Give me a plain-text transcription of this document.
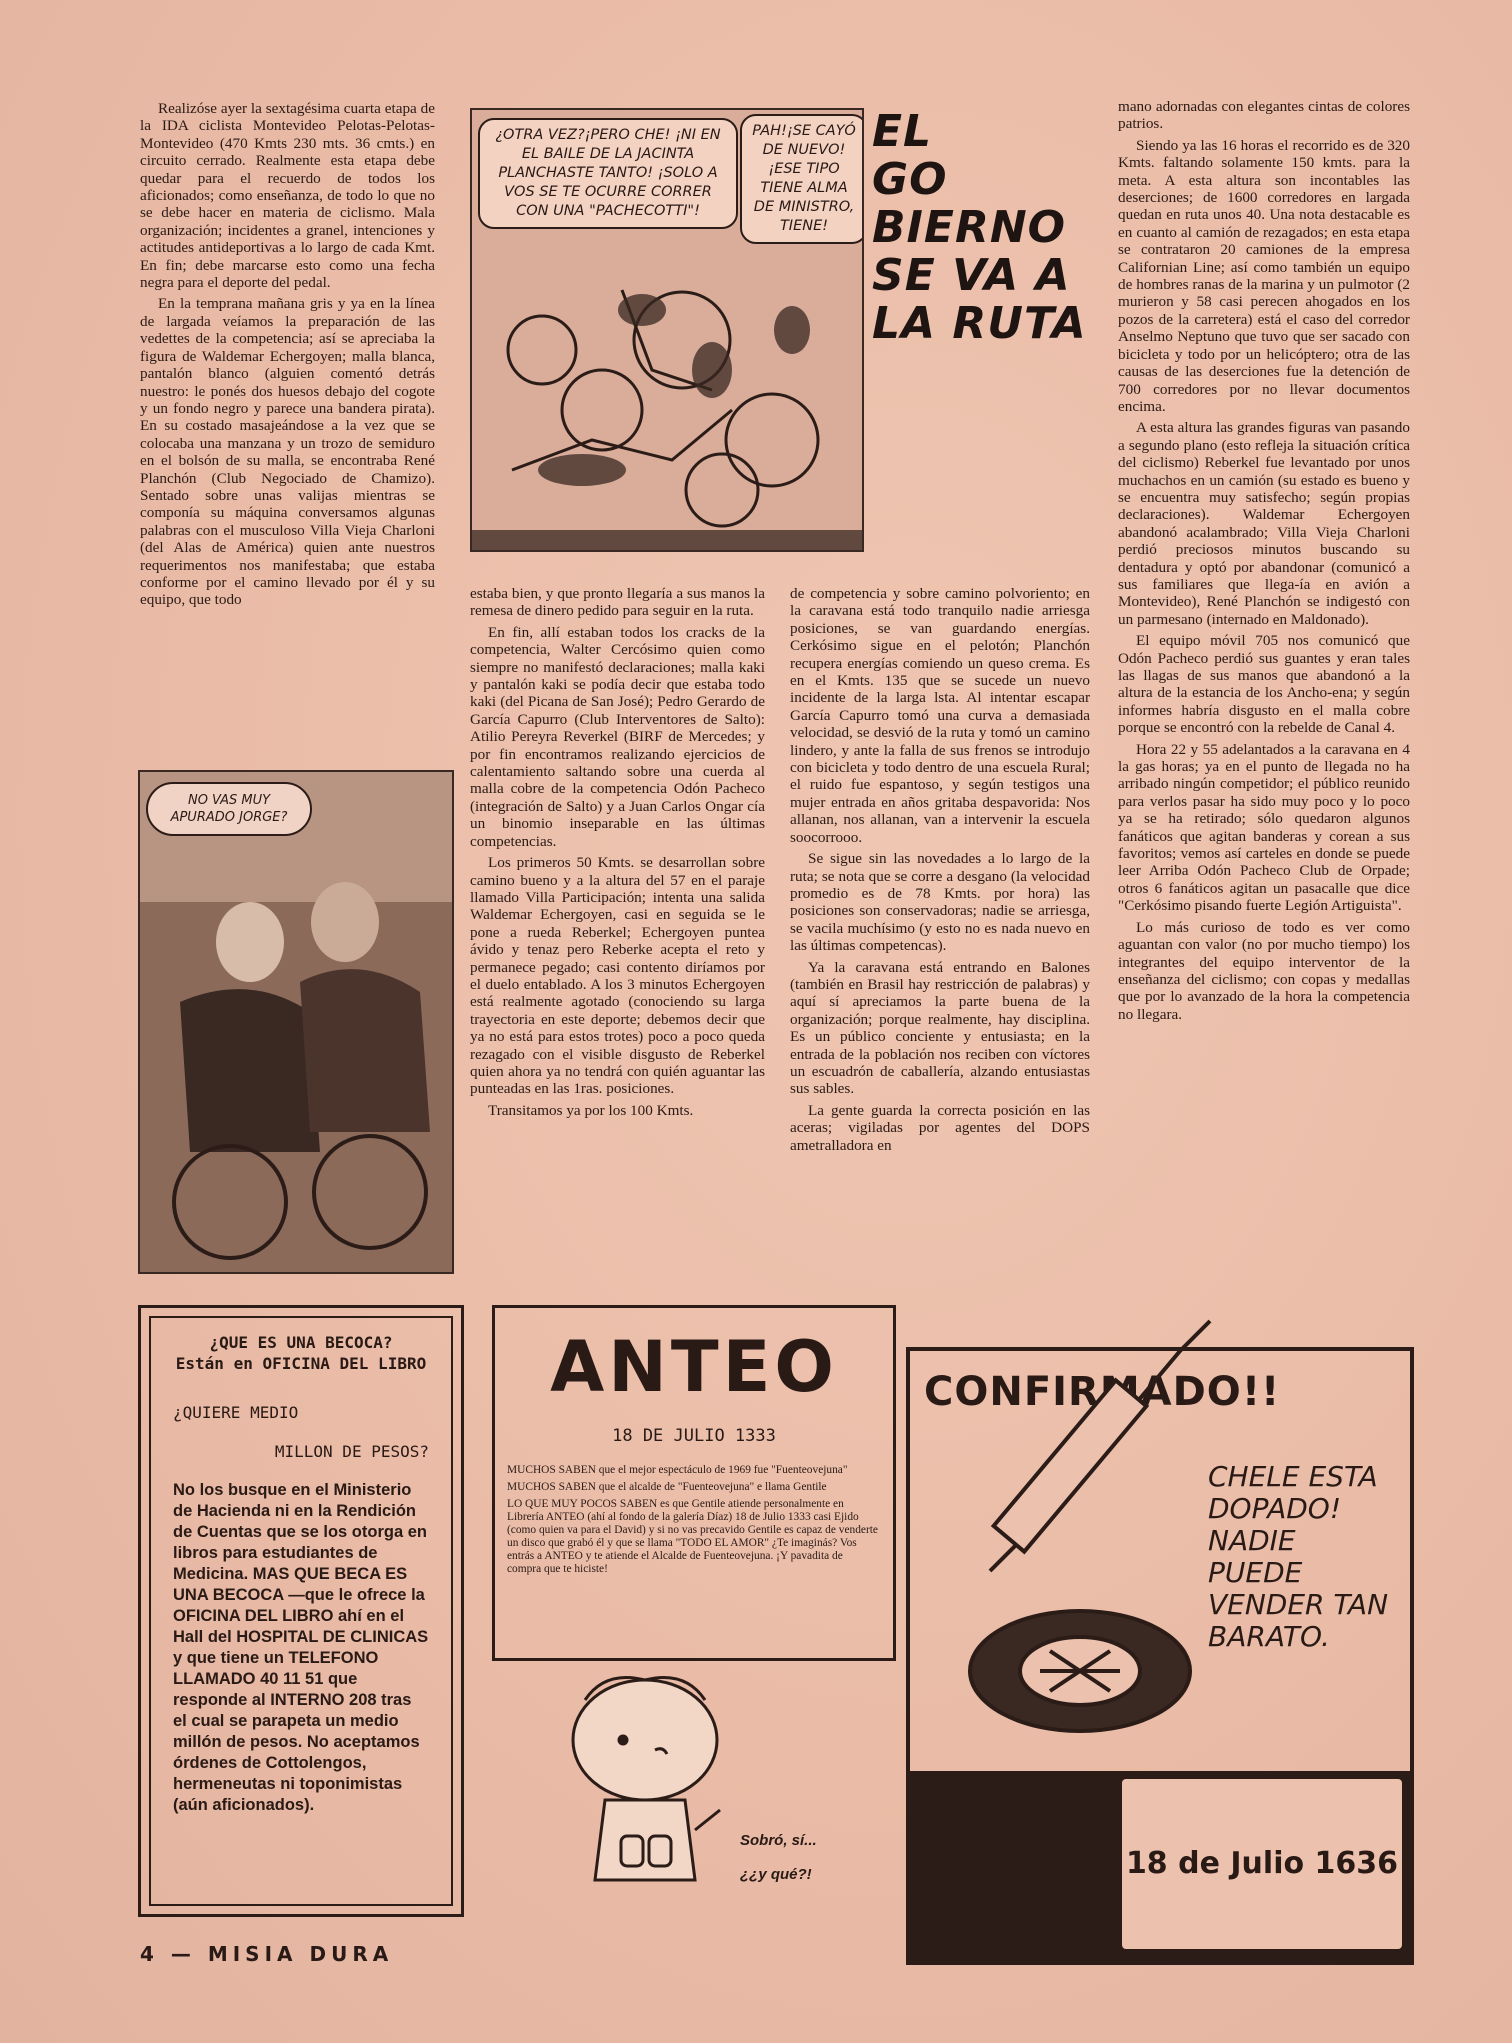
Realizóse ayer la sextagésima cuarta etapa de la IDA ciclista Montevideo Pelotas-Pelotas-Montevideo (470 Kmts 230 mts. 36 cmts.) en circuito cerrado. Realmente esta etapa debe quedar para el recuerdo de todos los aficionados; como enseñanza, de todo lo que no se debe hacer en materia de ciclismo. Mala organización; incidentes a granel, intenciones y actitudes antideportivas a lo largo de cada Kmt. En fin; debe marcarse esto como una fecha negra para el deporte del pedal.

En la temprana mañana gris y ya en la línea de largada veíamos la preparación de las vedettes de la competencia; así se apreciaba la figura de Waldemar Echergoyen; malla blanca, pantalón blanco (alguien comentó detrás nuestro: le ponés dos huesos debajo del cogote y un fondo negro y parece una bandera pirata). En su costado masajeándose a la vez que se colocaba una manzana y un trozo de semiduro en el bolsón de su malla, se encontraba René Planchón (Club Negociado de Chamizo). Sentado sobre unas valijas mientras se componía su máquina conversamos algunas palabras con el musculoso Villa Vieja Charloni (del Alas de América) quien ante nuestros requerimentos nos manifestaba; que estaba conforme por el camino llevado por él y su equipo, que todo

¿OTRA VEZ?¡PERO CHE! ¡NI EN EL BAILE DE LA JACINTA PLANCHASTE TANTO! ¡SOLO A VOS SE TE OCURRE CORRER CON UNA "PACHECOTTI"!
PAH!¡SE CAYÓ DE NUEVO! ¡ESE TIPO TIENE ALMA DE MINISTRO, TIENE!
EL
GO
BIERNO
SE VA A
LA RUTA

mano adornadas con elegantes cintas de colores patrios.

Siendo ya las 16 horas el recorrido es de 320 Kmts. faltando solamente 150 kmts. para la meta. A esta altura son incontables las deserciones; de 1600 corredores en largada quedan en ruta unos 40. Una nota destacable es en cuanto al camión de rezagados; en esta etapa se contrataron 20 camiones de la empresa Californian Line; así como también un equipo de hombres ranas de la marina y un pulmotor (2 murieron y 58 casi perecen ahogados en los pozos de la carretera) está el caso del corredor Anselmo Neptuno que tuvo que ser sacado con bicicleta y todo por un helicóptero; otra de las causas de las deserciones fue la detención de 700 corredores por no llevar documentos encima.

A esta altura las grandes figuras van pasando a segundo plano (esto refleja la situación crítica del ciclismo) Reberkel fue levantado por unos muchachos en un camión (su estado es bueno y se encuentra muy satisfecho; según propias declaraciones). Waldemar Echergoyen abandonó acalambrado; Villa Vieja Charloni perdió preciosos minutos buscando su dentadura y optó por abandonar (comunicó a sus familiares que llega-ía en avión a Montevideo), René Planchón se indigestó con un parmesano (internado en Maldonado).

El equipo móvil 705 nos comunicó que Odón Pacheco perdió sus guantes y eran tales las llagas de sus manos que abandonó a la altura de la estancia de los Ancho-ena; y según informes habría disgusto en el malla cobre porque se encontró con la rebelde de Canal 4.

Hora 22 y 55 adelantados a la caravana en 4 la gas horas; ya en el punto de llegada no ha arribado ningún competidor; el público reunido para verlos pasar ha sido muy poco y lo poco ya se ha retirado; sólo quedaron algunos fanáticos que agitan banderas y corean a sus favoritos; vemos así carteles en donde se puede leer Arriba Odón Pacheco Club de Orpade; otros 6 fanáticos agitan un pasacalle que dice "Cerkósimo pisando fuerte Legión Artiguista".

Lo más curioso de todo es ver como aguantan con valor (no por mucho tiempo) los integrantes del equipo interventor de la enseñanza del ciclismo; con copas y medallas que por lo avanzado de la hora la competencia no llegara.

NO VAS MUY APURADO JORGE?

estaba bien, y que pronto llegaría a sus manos la remesa de dinero pedido para seguir en la ruta.

En fin, allí estaban todos los cracks de la competencia, Walter Cercósimo quien como siempre no manifestó declaraciones; malla kaki y pantalón kaki se podía decir que estaba todo kaki (del Picana de San José); Pedro Gerardo de García Capurro (Club Interventores de Salto): Atilio Pereyra Reverkel (BIRF de Mercedes; y por fin encontramos realizando ejercicios de calentamiento saltando sobre una cuerda al malla cobre de la competencia Odón Pacheco (integración de Salto) y a Juan Carlos Ongar cía un binomio inseparable en las últimas competencias.

Los primeros 50 Kmts. se desarrollan sobre camino bueno y a la altura del 57 en el paraje llamado Villa Participación; intenta una salida Waldemar Echergoyen, casi en seguida se le pone a rueda Reberkel; Echergoyen puntea ávido y tenaz pero Reberke acepta el reto y permanece pegado; casi contento diríamos por el duelo entablado. A los 3 minutos Echergoyen está realmente agotado (conociendo su larga trayectoria en este deporte; debemos decir que ya no está para estos trotes) poco a poco queda rezagado con el visible disgusto de Reberkel quien ahora ya no tendrá con quién aguantar las punteadas en las 1ras. posiciones.

Transitamos ya por los 100 Kmts.

de competencia y sobre camino polvoriento; en la caravana está todo tranquilo nadie arriesga posiciones, se van guardando energías. Cerkósimo sigue en el pelotón; Planchón recupera energías comiendo un queso crema. Es en el Kmts. 135 que se sucede un nuevo incidente de la larga lsta. Al intentar escapar García Capurro tomó una curva a demasiada velocidad, se desvió de la ruta y tomó un camino lindero, y ante la falla de sus frenos se introdujo con bicicleta y todo dentro de una escuela Rural; el ruido fue espantoso, y según testigos una mujer entrada en años gritaba despavorida: Nos allanan, nos allanan, van a intervenir la escuela soocorrooo.

Se sigue sin las novedades a lo largo de la ruta; se nota que se corre a desgano (la velocidad promedio es de 78 Kmts. por hora) las posiciones son conservadoras; nadie se arriesga, se vacila muchísimo (y esto no es nada nuevo en las últimas competencas).

Ya la caravana está entrando en Balones (también en Brasil hay restricción de palabras) y aquí sí apreciamos la parte buena de la organización; porque realmente, hay disciplina. Es un público conciente y entusiasta; en la entrada de la población nos reciben con víctores un escuadrón de caballería, alzando entusiastas sus sables.

La gente guarda la correcta posición en las aceras; vigiladas por agentes del DOPS ametralladora en

¿QUE ES UNA BECOCA?
Están en OFICINA DEL LIBRO
¿QUIERE MEDIO
MILLON DE PESOS?
No los busque en el Ministerio de Hacienda ni en la Rendición de Cuentas que se los otorga en libros para estudiantes de Medicina. MAS QUE BECA ES UNA BECOCA —que le ofrece la OFICINA DEL LIBRO ahí en el Hall del HOSPITAL DE CLINICAS y que tiene un TELEFONO LLAMADO 40 11 51 que responde al INTERNO 208 tras el cual se parapeta un medio millón de pesos. No aceptamos órdenes de Cottolengos, hermeneutas ni toponimistas (aún aficionados).
ANTEO
18 DE JULIO 1333

MUCHOS SABEN que el mejor espectáculo de 1969 fue "Fuenteovejuna"

MUCHOS SABEN que el alcalde de "Fuenteovejuna" e llama Gentile

LO QUE MUY POCOS SABEN es que Gentile atiende personalmente en Librería ANTEO (ahí al fondo de la galería Díaz) 18 de Julio 1333 casi Ejido (como quien va para el David) y si no vas precavido Gentile es capaz de venderte un disco que grabó él y que se llama "TODO EL AMOR" ¿Te imaginás? Vos entrás a ANTEO y te atiende el Alcalde de Fuenteovejuna. ¡Y pavadita de compra que te hiciste!

Sobró, sí...
¿¿y qué?!
CONFIRMADO!!
CHELE ESTA DOPADO! NADIE PUEDE VENDER TAN BARATO.
18 de Julio 1636
4 — MISIA DURA
